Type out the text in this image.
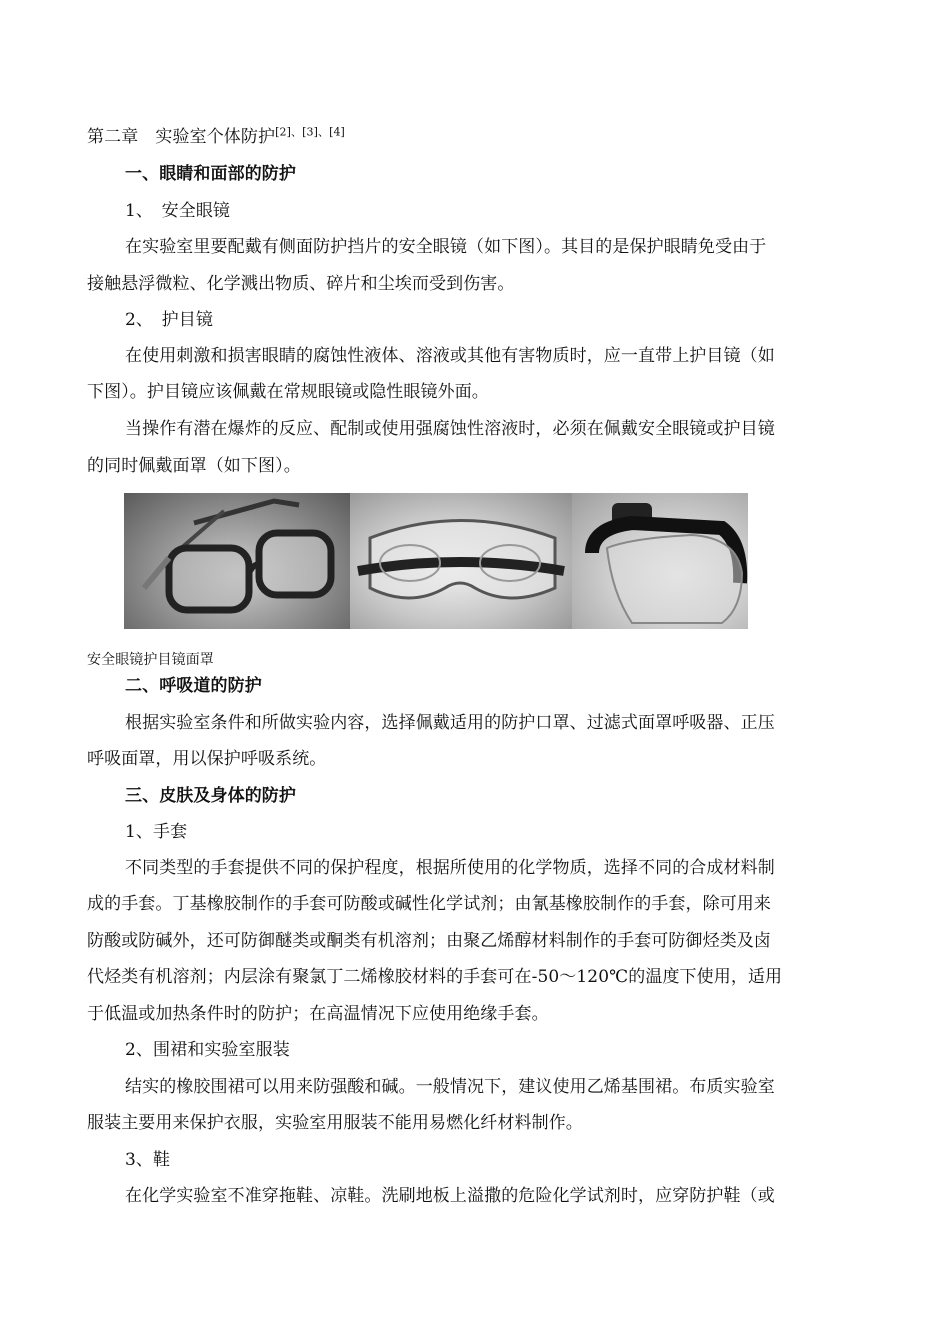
第二章　实验室个体防护[2]、[3]、[4]
一、眼睛和面部的防护
1、　安全眼镜
在实验室里要配戴有侧面防护挡片的安全眼镜（如下图）。其目的是保护眼睛免受由于
接触悬浮微粒、化学溅出物质、碎片和尘埃而受到伤害。
2、　护目镜
在使用刺激和损害眼睛的腐蚀性液体、溶液或其他有害物质时，应一直带上护目镜（如
下图）。护目镜应该佩戴在常规眼镜或隐性眼镜外面。
当操作有潜在爆炸的反应、配制或使用强腐蚀性溶液时，必须在佩戴安全眼镜或护目镜
的同时佩戴面罩（如下图）。
安全眼镜护目镜面罩
二、呼吸道的防护
根据实验室条件和所做实验内容，选择佩戴适用的防护口罩、过滤式面罩呼吸器、正压
呼吸面罩，用以保护呼吸系统。
三、皮肤及身体的防护
1、手套
不同类型的手套提供不同的保护程度，根据所使用的化学物质，选择不同的合成材料制
成的手套。丁基橡胶制作的手套可防酸或碱性化学试剂；由氰基橡胶制作的手套，除可用来
防酸或防碱外，还可防御醚类或酮类有机溶剂；由聚乙烯醇材料制作的手套可防御烃类及卤
代烃类有机溶剂；内层涂有聚氯丁二烯橡胶材料的手套可在-50～120℃的温度下使用，适用
于低温或加热条件时的防护；在高温情况下应使用绝缘手套。
2、围裙和实验室服装
结实的橡胶围裙可以用来防强酸和碱。一般情况下，建议使用乙烯基围裙。布质实验室
服装主要用来保护衣服，实验室用服装不能用易燃化纤材料制作。
3、鞋
在化学实验室不准穿拖鞋、凉鞋。洗刷地板上溢撒的危险化学试剂时，应穿防护鞋（或
